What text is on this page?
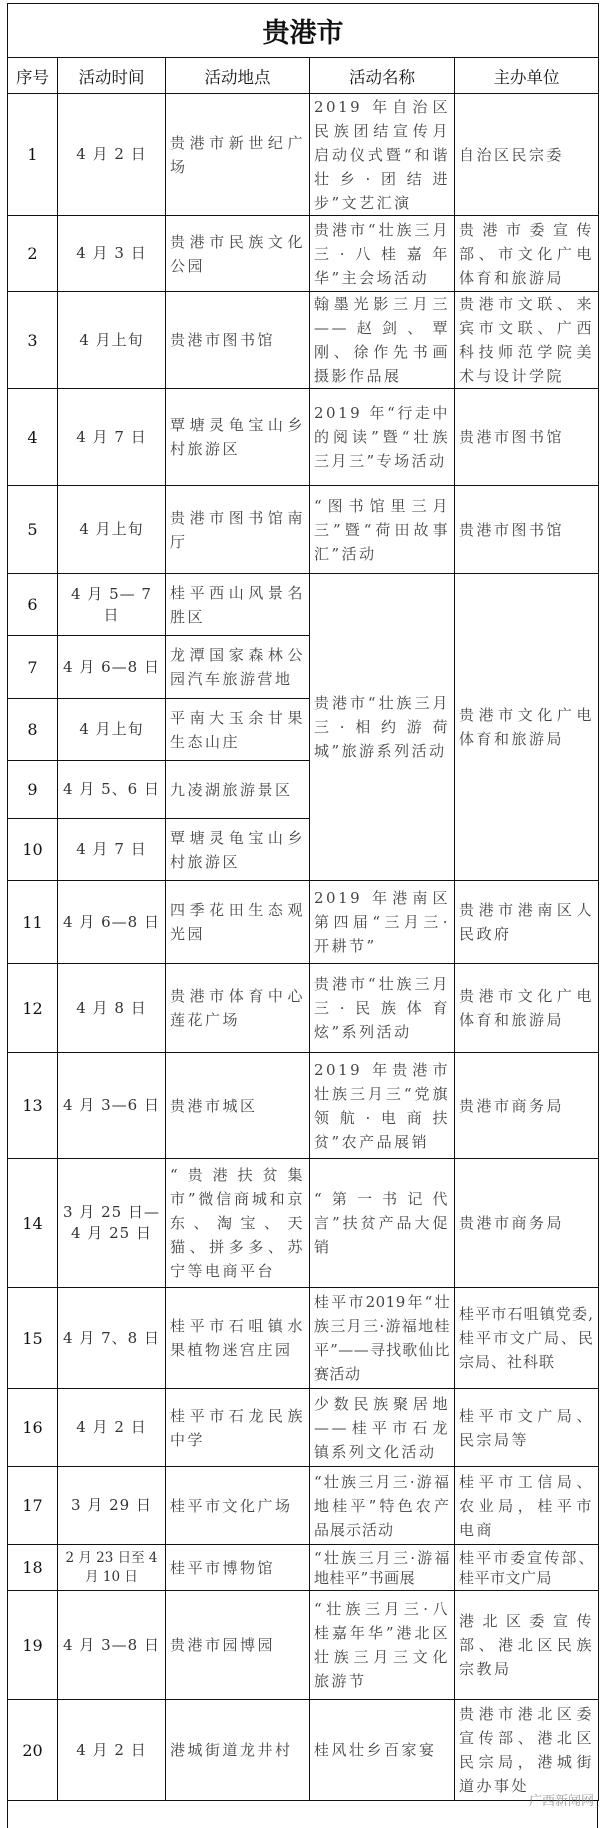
贵港市				
序号	活动时间	活动地点	活动名称	主办单位
1	4 月 2 日	贵港市新世纪广场	2019 年自治区民族团结宣传月启动仪式暨“和谐壮乡·团结进步”文艺汇演	自治区民宗委
2	4 月 3 日	贵港市民族文化公园	贵港市“壮族三月三·八桂嘉年华”主会场活动	贵港市委宣传部、市文化广电体育和旅游局
3	4 月上旬	贵港市图书馆	翰墨光影三月三——赵剑、覃刚、徐作先书画摄影作品展	贵港市文联、来宾市文联、广西科技师范学院美术与设计学院
4	4 月 7 日	覃塘灵龟宝山乡村旅游区	2019 年“行走中的阅读”暨“壮族三月三”专场活动	贵港市图书馆
5	4 月上旬	贵港市图书馆南厅	“图书馆里三月三”暨“荷田故事汇”活动	贵港市图书馆
6	4 月 5— 7 日	桂平西山风景名胜区	贵港市“壮族三月三·相约游荷城”旅游系列活动	贵港市文化广电体育和旅游局
7	4 月 6—8 日	龙潭国家森林公园汽车旅游营地		
8	4 月上旬	平南大玉余甘果生态山庄		
9	4 月 5、6 日	九凌湖旅游景区		
10	4 月 7 日	覃塘灵龟宝山乡村旅游区		
11	4 月 6—8 日	四季花田生态观光园	2019 年港南区第四届“三月三·开耕节”	贵港市港南区人民政府
12	4 月 8 日	贵港市体育中心莲花广场	贵港市“壮族三月三·民族体育炫”系列活动	贵港市文化广电体育和旅游局
13	4 月 3—6 日	贵港市城区	2019 年贵港市壮族三月三“党旗领航·电商扶贫”农产品展销	贵港市商务局
14	3 月 25 日— 4 月 25 日	“贵港扶贫集市”微信商城和京东、淘宝、天猫、拼多多、苏宁等电商平台	“第一书记代言”扶贫产品大促销	贵港市商务局
15	4 月 7、8 日	桂平市石咀镇水果植物迷宫庄园	桂平市2019年“壮族三月三·游福地桂平”——寻找歌仙比赛活动	桂平市石咀镇党委,桂平市文广局、民宗局、社科联
16	4 月 2 日	桂平市石龙民族中学	少数民族聚居地——桂平市石龙镇系列文化活动	桂平市文广局、民宗局等
17	3 月 29 日	桂平市文化广场	“壮族三月三·游福地桂平”特色农产品展示活动	桂平市工信局、农业局，桂平市电商
18	2 月 23 日至 4 月 10 日	桂平市博物馆	“壮族三月三·游福地桂平”书画展	桂平市委宣传部、桂平市文广局
19	4 月 3—8 日	贵港市园博园	“壮族三月三·八桂嘉年华”港北区壮族三月三文化旅游节	港北区委宣传部、港北区民族宗教局
20	4 月 2 日	港城街道龙井村	桂风壮乡百家宴	贵港市港北区委宣传部、港北区民宗局，港城街道办事处
广西新闻网
